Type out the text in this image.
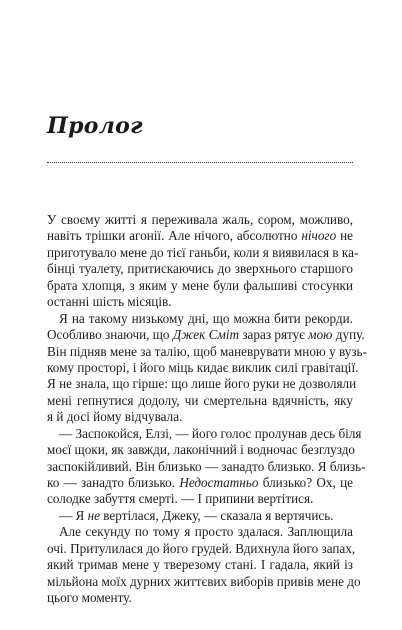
Пролог
У своєму житті я переживала жаль, сором, можливо,
навіть трішки агонії. Але нічого, абсолютно нічого не
приготувало мене до тієї ганьби, коли я виявилася в ка-
бінці туалету, притискаючись до зверхнього старшого
брата хлопця, з яким у мене були фальшиві стосунки
останні шість місяців.
Я на такому низькому дні, що можна бити рекорди.
Особливо знаючи, що Джек Сміт зараз рятує мою дупу.
Він підняв мене за талію, щоб маневрувати мною у вузь-
кому просторі, і його міць кидає виклик силі гравітації.
Я не знала, що гірше: що лише його руки не дозволяли
мені гепнутися додолу, чи смертельна вдячність, яку
я й досі йому відчувала.
— Заспокойся, Елзі, — його голос пролунав десь біля
моєї щоки, як завжди, лаконічний і водночас безглуздо
заспокійливий. Він близько — занадто близько. Я близь-
ко — занадто близько. Недостатньо близько? Ох, це
солодке забуття смерті. — І припини вертітися.
— Я не вертілася, Джеку, — сказала я вертячись.
Але секунду по тому я просто здалася. Заплющила
очі. Притулилася до його грудей. Вдихнула його запах,
який тримав мене у тверезому стані. І гадала, який із
мільйона моїх дурних життєвих виборів привів мене до
цього моменту.
